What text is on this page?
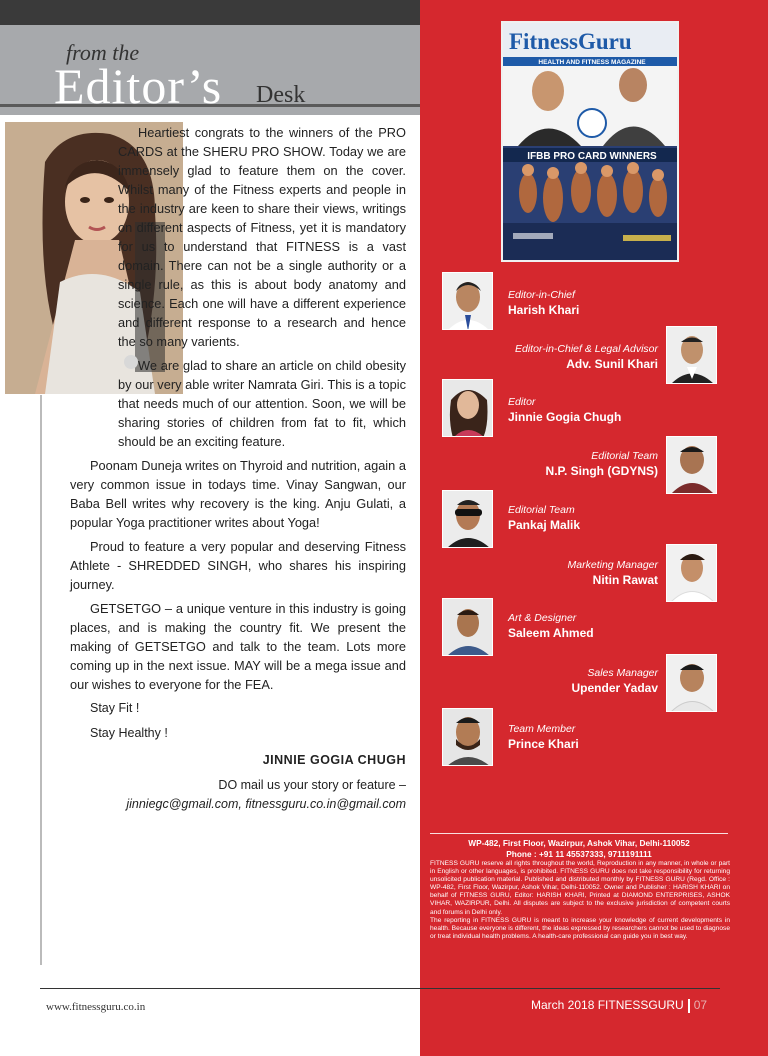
from the
Editor’s Desk

Heartiest congrats to the winners of the PRO CARDS at the SHERU PRO SHOW. Today we are immensely glad to feature them on the cover. Whilst many of the Fitness experts and people in the industry are keen to share their views, writings on different aspects of Fitness, yet it is mandatory for us to understand that FITNESS is a vast domain. There can not be a single authority or a single rule, as this is about body anatomy and science. Each one will have a different experience and different response to a research and hence the so many varients.

We are glad to share an article on child obesity by our very able writer Namrata Giri. This is a topic that needs much of our attention. Soon, we will be sharing stories of children from fat to fit, which should be an exciting feature.

Poonam Duneja writes on Thyroid and nutrition, again a very common issue in todays time. Vinay Sangwan, our Baba Bell writes why recovery is the king. Anju Gulati, a popular Yoga practitioner writes about Yoga!

Proud to feature a very popular and deserving Fitness Athlete - SHREDDED SINGH, who shares his inspiring journey.

GETSETGO – a unique venture in this industry is going places, and is making the country fit. We present the making of GETSETGO and talk to the team. Lots more coming up in the next issue. MAY will be a mega issue and our wishes to everyone for the FEA.

Stay Fit !
Stay Healthy !
JINNIE GOGIA CHUGH
DO mail us your story or feature –
jinniegc@gmail.com, fitnessguru.co.in@gmail.com
FitnessGuru
HEALTH AND FITNESS MAGAZINE
IFBB PRO CARD WINNERS
Editor-in-Chief
Harish Khari
Editor-in-Chief & Legal Advisor
Adv. Sunil Khari
Editor
Jinnie Gogia Chugh
Editorial Team
N.P. Singh (GDYNS)
Editorial Team
Pankaj Malik
Marketing Manager
Nitin Rawat
Art & Designer
Saleem Ahmed
Sales Manager
Upender Yadav
Team Member
Prince Khari
WP-482, First Floor, Wazirpur, Ashok Vihar, Delhi-110052
Phone : +91 11 45537333, 9711191111
FITNESS GURU reserve all rights throughout the world, Reproduction in any manner, in whole or part in English or other languages, is prohibited. FITNESS GURU does not take responsibility for returning unsolicited publication material. Published and distributed monthly by FITNESS GURU (Regd. Office : WP-482, First Floor, Wazirpur, Ashok Vihar, Delhi-110052. Owner and Publisher : HARISH KHARI on behalf of FITNESS GURU, Editor: HARISH KHARI, Printed at DIAMOND ENTERPRISES, ASHOK VIHAR, WAZIRPUR, Delhi. All disputes are subject to the exclusive jurisdiction of competent courts and forums in Delhi only.
The reporting in FITNESS GURU is meant to increase your knowledge of current developments in health. Because everyone is different, the ideas expressed by researchers cannot be used to diagnose or treat individual health problems. A health-care professional can guide you in best way.
www.fitnessguru.co.in	March 2018 FITNESSGURU 07
